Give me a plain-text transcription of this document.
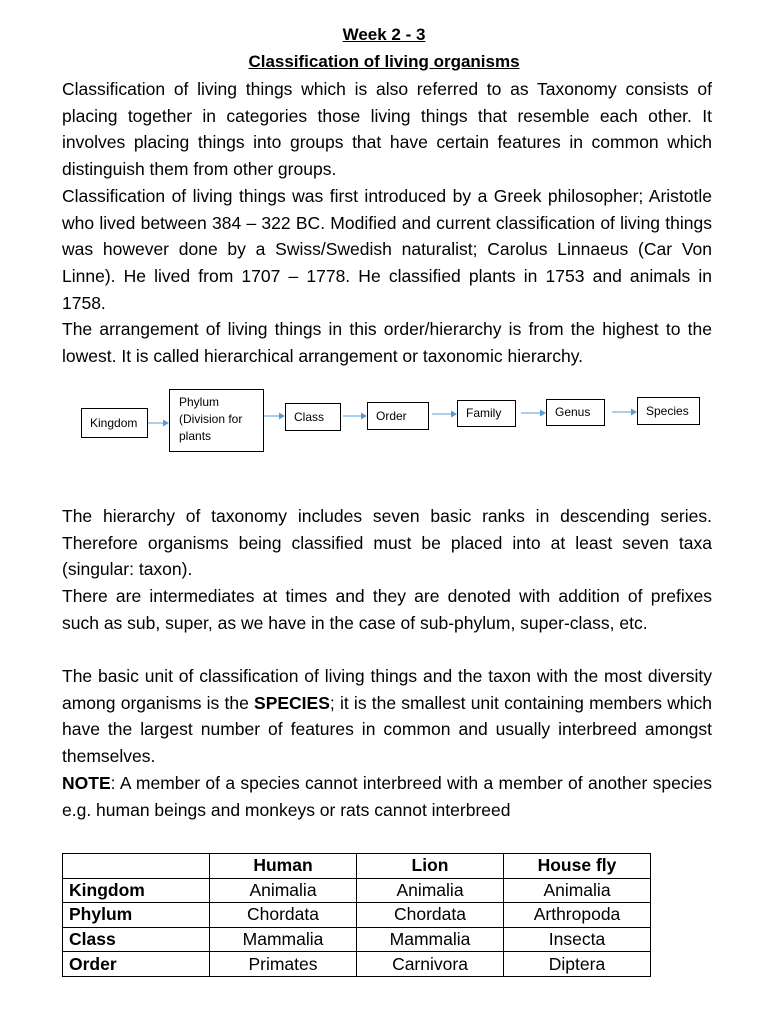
Week 2 - 3
Classification of living organisms

Classification of living things which is also referred to as Taxonomy consists of placing together in categories those living things that resemble each other. It involves placing things into groups that have certain features in common which distinguish them from other groups.

Classification of living things was first introduced by a Greek philosopher; Aristotle who lived between 384 – 322 BC. Modified and current classification of living things was however done by a Swiss/Swedish naturalist; Carolus Linnaeus (Car Von Linne). He lived from 1707 – 1778. He classified plants in 1753 and animals in 1758.

The arrangement of living things in this order/hierarchy is from the highest to the lowest. It is called hierarchical arrangement or taxonomic hierarchy.

Kingdom
Phylum
(Division for
plants
Class	Order	Family	Genus	Species

The hierarchy of taxonomy includes seven basic ranks in descending series. Therefore organisms being classified must be placed into at least seven taxa (singular: taxon).

There are intermediates at times and they are denoted with addition of prefixes such as sub, super, as we have in the case of sub-phylum, super-class, etc.

The basic unit of classification of living things and the taxon with the most diversity among organisms is the SPECIES; it is the smallest unit containing members which have the largest number of features in common and usually interbreed amongst themselves.

NOTE: A member of a species cannot interbreed with a member of another species e.g. human beings and monkeys or rats cannot interbreed

	Human	Lion	House fly
Kingdom	Animalia	Animalia	Animalia
Phylum	Chordata	Chordata	Arthropoda
Class	Mammalia	Mammalia	Insecta
Order	Primates	Carnivora	Diptera
